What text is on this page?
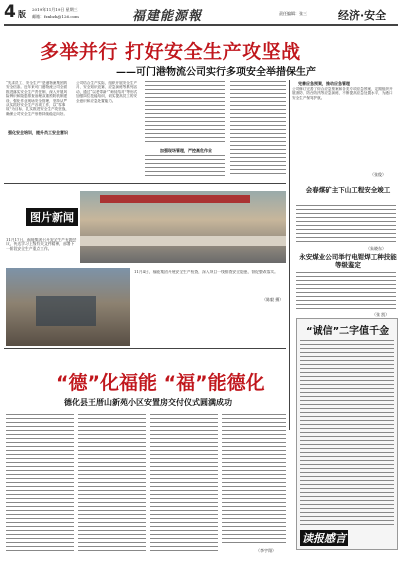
4 版
2019年11月19日 星期三
邮箱：fznbzh@126.com	福建能源報	责任编辑：张三	经济·安全
多举并行 打好安全生产攻坚战
——可门港物流公司实行多项安全举措保生产
“先求员工、安全生产”是港物流集团的安全信条。近年来可门港物流公司全面推进落实安全生产责任制，深入开展风险辨识和隐患排查治理双重预防机制建设，强化作业现场安全管理，坚持从严从实抓好安全生产各项工作，以“零事故”为目标，扎实推进安全生产攻坚战，确保公司安全生产形势持续稳定向好。
强化安全培训，提升员工安全意识
公司结合生产实际，组织开展安全生产月、安全知识竞赛、应急演练等系列活动，通过“以老带新”“师徒结对”等形式加强岗位技能培训，切实提高员工的安全意识和应急处置能力。
加强现场管理，严控高危作业
完善应急预案，推动应急管理
公司修订完善了综合应急预案和各类专项应急预案，定期组织开展消防、防台防汛等应急演练，不断提高应急处置水平，为港口安全生产保驾护航。
（张俊）
图片新闻
11月17日，福能集团召开安全生产专题会议，传达学习上级有关文件精神，部署下一阶段安全生产重点工作。
11月4日，福能集团开展安全生产检查，深入项目一线排查安全隐患，督促整改落实。
（陈毅 摄）
会春煤矿主下山工程安全竣工
（朱晓东）
永安煤业公司举行电钳焊工种技能等级鉴定
（张 凯）
“诚信”二字值千金
读报感言
“德”化福能 “福”能德化
德化县王厝山新苑小区安置房交付仪式圆满成功
（李宇翔）
